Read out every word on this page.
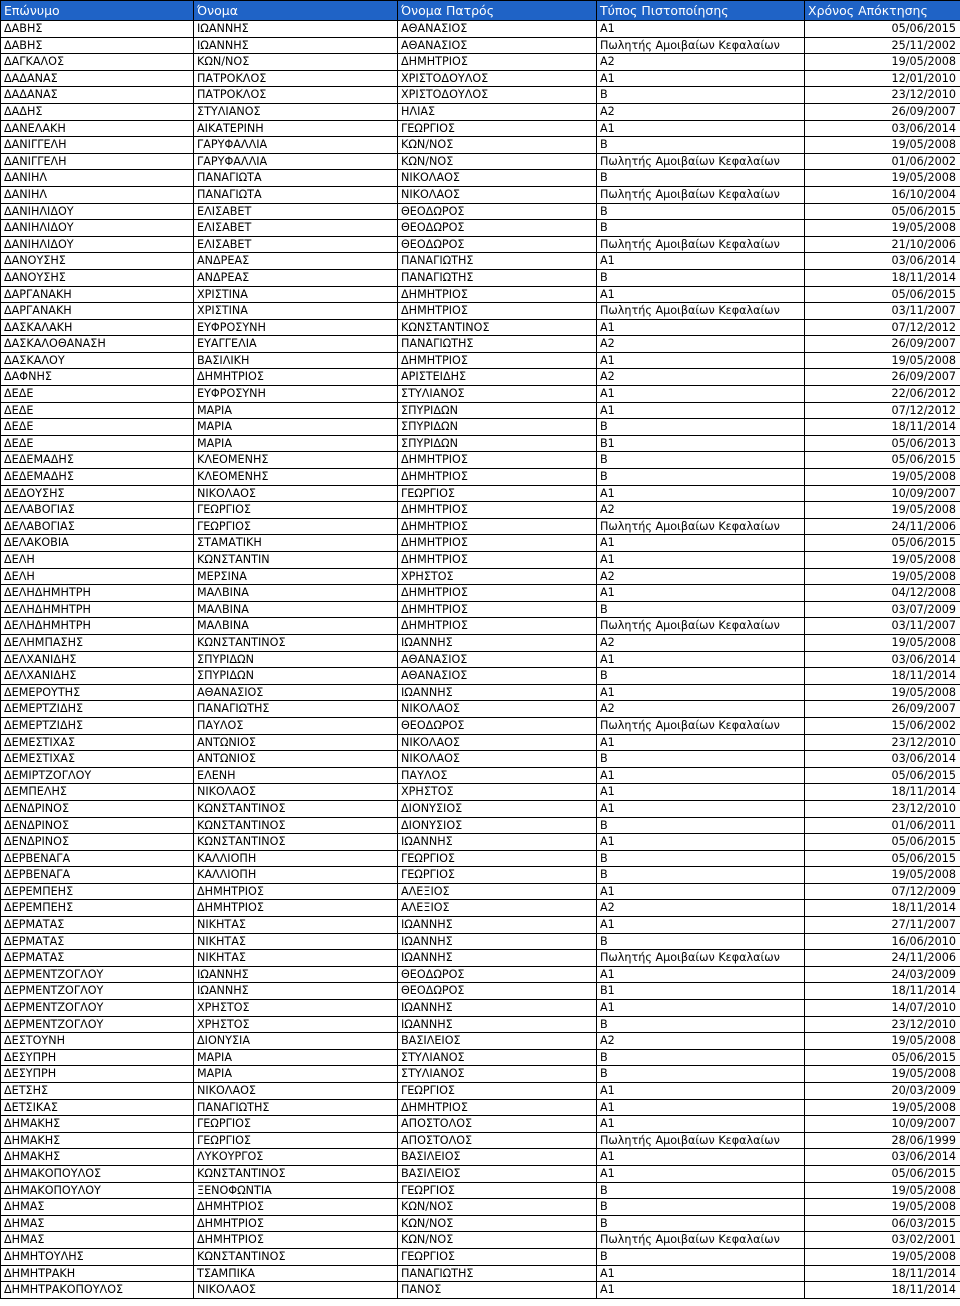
Επώνυμο	Όνομα	Όνομα Πατρός	Τύπος Πιστοποίησης	Χρόνος Απόκτησης
ΔΑΒΗΣ	ΙΩΑΝΝΗΣ	ΑΘΑΝΑΣΙΟΣ	Α1	05/06/2015
ΔΑΒΗΣ	ΙΩΑΝΝΗΣ	ΑΘΑΝΑΣΙΟΣ	Πωλητής Αμοιβαίων Κεφαλαίων	25/11/2002
ΔΑΓΚΑΛΟΣ	ΚΩΝ/ΝΟΣ	ΔΗΜΗΤΡΙΟΣ	Α2	19/05/2008
ΔΑΔΑΝΑΣ	ΠΑΤΡΟΚΛΟΣ	ΧΡΙΣΤΟΔΟΥΛΟΣ	Α1	12/01/2010
ΔΑΔΑΝΑΣ	ΠΑΤΡΟΚΛΟΣ	ΧΡΙΣΤΟΔΟΥΛΟΣ	Β	23/12/2010
ΔΑΔΗΣ	ΣΤΥΛΙΑΝΟΣ	ΗΛΙΑΣ	Α2	26/09/2007
ΔΑΝΕΛΑΚΗ	ΑΙΚΑΤΕΡΙΝΗ	ΓΕΩΡΓΙΟΣ	Α1	03/06/2014
ΔΑΝΙΓΓΕΛΗ	ΓΑΡΥΦΑΛΛΙΑ	ΚΩΝ/ΝΟΣ	Β	19/05/2008
ΔΑΝΙΓΓΕΛΗ	ΓΑΡΥΦΑΛΛΙΑ	ΚΩΝ/ΝΟΣ	Πωλητής Αμοιβαίων Κεφαλαίων	01/06/2002
ΔΑΝΙΗΛ	ΠΑΝΑΓΙΩΤΑ	ΝΙΚΟΛΑΟΣ	Β	19/05/2008
ΔΑΝΙΗΛ	ΠΑΝΑΓΙΩΤΑ	ΝΙΚΟΛΑΟΣ	Πωλητής Αμοιβαίων Κεφαλαίων	16/10/2004
ΔΑΝΙΗΛΙΔΟΥ	ΕΛΙΣΑΒΕΤ	ΘΕΟΔΩΡΟΣ	Β	05/06/2015
ΔΑΝΙΗΛΙΔΟΥ	ΕΛΙΣΑΒΕΤ	ΘΕΟΔΩΡΟΣ	Β	19/05/2008
ΔΑΝΙΗΛΙΔΟΥ	ΕΛΙΣΑΒΕΤ	ΘΕΟΔΩΡΟΣ	Πωλητής Αμοιβαίων Κεφαλαίων	21/10/2006
ΔΑΝΟΥΣΗΣ	ΑΝΔΡΕΑΣ	ΠΑΝΑΓΙΩΤΗΣ	Α1	03/06/2014
ΔΑΝΟΥΣΗΣ	ΑΝΔΡΕΑΣ	ΠΑΝΑΓΙΩΤΗΣ	Β	18/11/2014
ΔΑΡΓΑΝΑΚΗ	ΧΡΙΣΤΙΝΑ	ΔΗΜΗΤΡΙΟΣ	Α1	05/06/2015
ΔΑΡΓΑΝΑΚΗ	ΧΡΙΣΤΙΝΑ	ΔΗΜΗΤΡΙΟΣ	Πωλητής Αμοιβαίων Κεφαλαίων	03/11/2007
ΔΑΣΚΑΛΑΚΗ	ΕΥΦΡΟΣΥΝΗ	ΚΩΝΣΤΑΝΤΙΝΟΣ	Α1	07/12/2012
ΔΑΣΚΑΛΟΘΑΝΑΣΗ	ΕΥΑΓΓΕΛΙΑ	ΠΑΝΑΓΙΩΤΗΣ	Α2	26/09/2007
ΔΑΣΚΑΛΟΥ	ΒΑΣΙΛΙΚΗ	ΔΗΜΗΤΡΙΟΣ	Α1	19/05/2008
ΔΑΦΝΗΣ	ΔΗΜΗΤΡΙΟΣ	ΑΡΙΣΤΕΙΔΗΣ	Α2	26/09/2007
ΔΕΔΕ	ΕΥΦΡΟΣΥΝΗ	ΣΤΥΛΙΑΝΟΣ	Α1	22/06/2012
ΔΕΔΕ	ΜΑΡΙΑ	ΣΠΥΡΙΔΩΝ	Α1	07/12/2012
ΔΕΔΕ	ΜΑΡΙΑ	ΣΠΥΡΙΔΩΝ	Β	18/11/2014
ΔΕΔΕ	ΜΑΡΙΑ	ΣΠΥΡΙΔΩΝ	Β1	05/06/2013
ΔΕΔΕΜΑΔΗΣ	ΚΛΕΟΜΕΝΗΣ	ΔΗΜΗΤΡΙΟΣ	Β	05/06/2015
ΔΕΔΕΜΑΔΗΣ	ΚΛΕΟΜΕΝΗΣ	ΔΗΜΗΤΡΙΟΣ	Β	19/05/2008
ΔΕΔΟΥΣΗΣ	ΝΙΚΟΛΑΟΣ	ΓΕΩΡΓΙΟΣ	Α1	10/09/2007
ΔΕΛΑΒΟΓΙΑΣ	ΓΕΩΡΓΙΟΣ	ΔΗΜΗΤΡΙΟΣ	Α2	19/05/2008
ΔΕΛΑΒΟΓΙΑΣ	ΓΕΩΡΓΙΟΣ	ΔΗΜΗΤΡΙΟΣ	Πωλητής Αμοιβαίων Κεφαλαίων	24/11/2006
ΔΕΛΑΚΟΒΙΑ	ΣΤΑΜΑΤΙΚΗ	ΔΗΜΗΤΡΙΟΣ	Α1	05/06/2015
ΔΕΛΗ	ΚΩΝΣΤΑΝΤΙΝ	ΔΗΜΗΤΡΙΟΣ	Α1	19/05/2008
ΔΕΛΗ	ΜΕΡΣΙΝΑ	ΧΡΗΣΤΟΣ	Α2	19/05/2008
ΔΕΛΗΔΗΜΗΤΡΗ	ΜΑΛΒΙΝΑ	ΔΗΜΗΤΡΙΟΣ	Α1	04/12/2008
ΔΕΛΗΔΗΜΗΤΡΗ	ΜΑΛΒΙΝΑ	ΔΗΜΗΤΡΙΟΣ	Β	03/07/2009
ΔΕΛΗΔΗΜΗΤΡΗ	ΜΑΛΒΙΝΑ	ΔΗΜΗΤΡΙΟΣ	Πωλητής Αμοιβαίων Κεφαλαίων	03/11/2007
ΔΕΛΗΜΠΑΣΗΣ	ΚΩΝΣΤΑΝΤΙΝΟΣ	ΙΩΑΝΝΗΣ	Α2	19/05/2008
ΔΕΛΧΑΝΙΔΗΣ	ΣΠΥΡΙΔΩΝ	ΑΘΑΝΑΣΙΟΣ	Α1	03/06/2014
ΔΕΛΧΑΝΙΔΗΣ	ΣΠΥΡΙΔΩΝ	ΑΘΑΝΑΣΙΟΣ	Β	18/11/2014
ΔΕΜΕΡΟΥΤΗΣ	ΑΘΑΝΑΣΙΟΣ	ΙΩΑΝΝΗΣ	Α1	19/05/2008
ΔΕΜΕΡΤΖΙΔΗΣ	ΠΑΝΑΓΙΩΤΗΣ	ΝΙΚΟΛΑΟΣ	Α2	26/09/2007
ΔΕΜΕΡΤΖΙΔΗΣ	ΠΑΥΛΟΣ	ΘΕΟΔΩΡΟΣ	Πωλητής Αμοιβαίων Κεφαλαίων	15/06/2002
ΔΕΜΕΣΤΙΧΑΣ	ΑΝΤΩΝΙΟΣ	ΝΙΚΟΛΑΟΣ	Α1	23/12/2010
ΔΕΜΕΣΤΙΧΑΣ	ΑΝΤΩΝΙΟΣ	ΝΙΚΟΛΑΟΣ	Β	03/06/2014
ΔΕΜΙΡΤΖΟΓΛΟΥ	ΕΛΕΝΗ	ΠΑΥΛΟΣ	Α1	05/06/2015
ΔΕΜΠΕΛΗΣ	ΝΙΚΟΛΑΟΣ	ΧΡΗΣΤΟΣ	Α1	18/11/2014
ΔΕΝΔΡΙΝΟΣ	ΚΩΝΣΤΑΝΤΙΝΟΣ	ΔΙΟΝΥΣΙΟΣ	Α1	23/12/2010
ΔΕΝΔΡΙΝΟΣ	ΚΩΝΣΤΑΝΤΙΝΟΣ	ΔΙΟΝΥΣΙΟΣ	Β	01/06/2011
ΔΕΝΔΡΙΝΟΣ	ΚΩΝΣΤΑΝΤΙΝΟΣ	ΙΩΑΝΝΗΣ	Α1	05/06/2015
ΔΕΡΒΕΝΑΓΑ	ΚΑΛΛΙΟΠΗ	ΓΕΩΡΓΙΟΣ	Β	05/06/2015
ΔΕΡΒΕΝΑΓΑ	ΚΑΛΛΙΟΠΗ	ΓΕΩΡΓΙΟΣ	Β	19/05/2008
ΔΕΡΕΜΠΕΗΣ	ΔΗΜΗΤΡΙΟΣ	ΑΛΕΞΙΟΣ	Α1	07/12/2009
ΔΕΡΕΜΠΕΗΣ	ΔΗΜΗΤΡΙΟΣ	ΑΛΕΞΙΟΣ	Α2	18/11/2014
ΔΕΡΜΑΤΑΣ	ΝΙΚΗΤΑΣ	ΙΩΑΝΝΗΣ	Α1	27/11/2007
ΔΕΡΜΑΤΑΣ	ΝΙΚΗΤΑΣ	ΙΩΑΝΝΗΣ	Β	16/06/2010
ΔΕΡΜΑΤΑΣ	ΝΙΚΗΤΑΣ	ΙΩΑΝΝΗΣ	Πωλητής Αμοιβαίων Κεφαλαίων	24/11/2006
ΔΕΡΜΕΝΤΖΟΓΛΟΥ	ΙΩΑΝΝΗΣ	ΘΕΟΔΩΡΟΣ	Α1	24/03/2009
ΔΕΡΜΕΝΤΖΟΓΛΟΥ	ΙΩΑΝΝΗΣ	ΘΕΟΔΩΡΟΣ	Β1	18/11/2014
ΔΕΡΜΕΝΤΖΟΓΛΟΥ	ΧΡΗΣΤΟΣ	ΙΩΑΝΝΗΣ	Α1	14/07/2010
ΔΕΡΜΕΝΤΖΟΓΛΟΥ	ΧΡΗΣΤΟΣ	ΙΩΑΝΝΗΣ	Β	23/12/2010
ΔΕΣΤΟΥΝΗ	ΔΙΟΝΥΣΙΑ	ΒΑΣΙΛΕΙΟΣ	Α2	19/05/2008
ΔΕΣΥΠΡΗ	ΜΑΡΙΑ	ΣΤΥΛΙΑΝΟΣ	Β	05/06/2015
ΔΕΣΥΠΡΗ	ΜΑΡΙΑ	ΣΤΥΛΙΑΝΟΣ	Β	19/05/2008
ΔΕΤΣΗΣ	ΝΙΚΟΛΑΟΣ	ΓΕΩΡΓΙΟΣ	Α1	20/03/2009
ΔΕΤΣΙΚΑΣ	ΠΑΝΑΓΙΩΤΗΣ	ΔΗΜΗΤΡΙΟΣ	Α1	19/05/2008
ΔΗΜΑΚΗΣ	ΓΕΩΡΓΙΟΣ	ΑΠΟΣΤΟΛΟΣ	Α1	10/09/2007
ΔΗΜΑΚΗΣ	ΓΕΩΡΓΙΟΣ	ΑΠΟΣΤΟΛΟΣ	Πωλητής Αμοιβαίων Κεφαλαίων	28/06/1999
ΔΗΜΑΚΗΣ	ΛΥΚΟΥΡΓΟΣ	ΒΑΣΙΛΕΙΟΣ	Α1	03/06/2014
ΔΗΜΑΚΟΠΟΥΛΟΣ	ΚΩΝΣΤΑΝΤΙΝΟΣ	ΒΑΣΙΛΕΙΟΣ	Α1	05/06/2015
ΔΗΜΑΚΟΠΟΥΛΟΥ	ΞΕΝΟΦΩΝΤΙΑ	ΓΕΩΡΓΙΟΣ	Β	19/05/2008
ΔΗΜΑΣ	ΔΗΜΗΤΡΙΟΣ	ΚΩΝ/ΝΟΣ	Β	19/05/2008
ΔΗΜΑΣ	ΔΗΜΗΤΡΙΟΣ	ΚΩΝ/ΝΟΣ	Β	06/03/2015
ΔΗΜΑΣ	ΔΗΜΗΤΡΙΟΣ	ΚΩΝ/ΝΟΣ	Πωλητής Αμοιβαίων Κεφαλαίων	03/02/2001
ΔΗΜΗΤΟΥΛΗΣ	ΚΩΝΣΤΑΝΤΙΝΟΣ	ΓΕΩΡΓΙΟΣ	Β	19/05/2008
ΔΗΜΗΤΡΑΚΗ	ΤΣΑΜΠΙΚΑ	ΠΑΝΑΓΙΩΤΗΣ	Α1	18/11/2014
ΔΗΜΗΤΡΑΚΟΠΟΥΛΟΣ	ΝΙΚΟΛΑΟΣ	ΠΑΝΟΣ	Α1	18/11/2014
